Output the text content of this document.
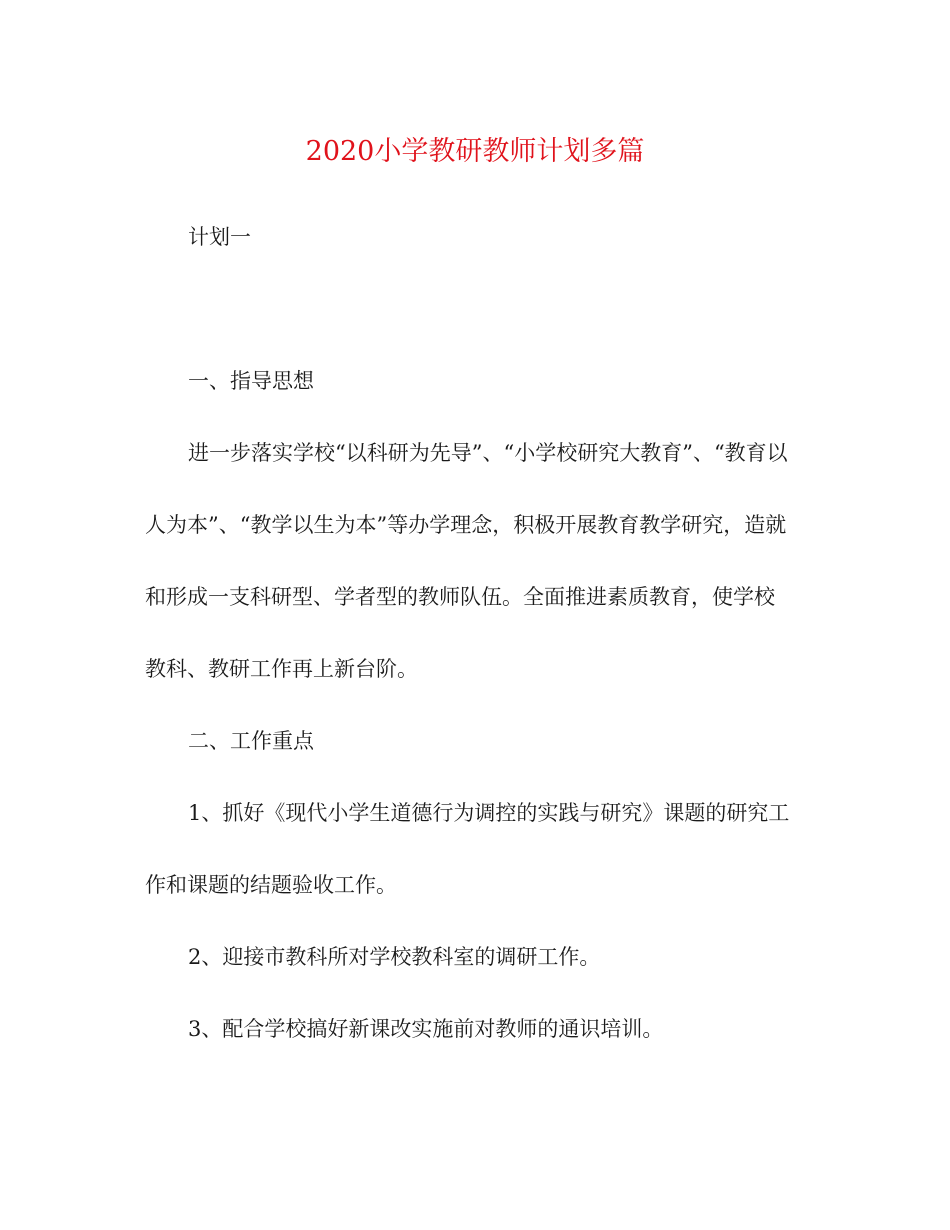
2020小学教研教师计划多篇

计划一

一、指导思想

进一步落实学校“以科研为先导”、“小学校研究大教育”、“教育以

人为本”、“教学以生为本”等办学理念，积极开展教育教学研究，造就

和形成一支科研型、学者型的教师队伍。全面推进素质教育，使学校

教科、教研工作再上新台阶。

二、工作重点

1、抓好《现代小学生道德行为调控的实践与研究》课题的研究工

作和课题的结题验收工作。

2、迎接市教科所对学校教科室的调研工作。

3、配合学校搞好新课改实施前对教师的通识培训。
